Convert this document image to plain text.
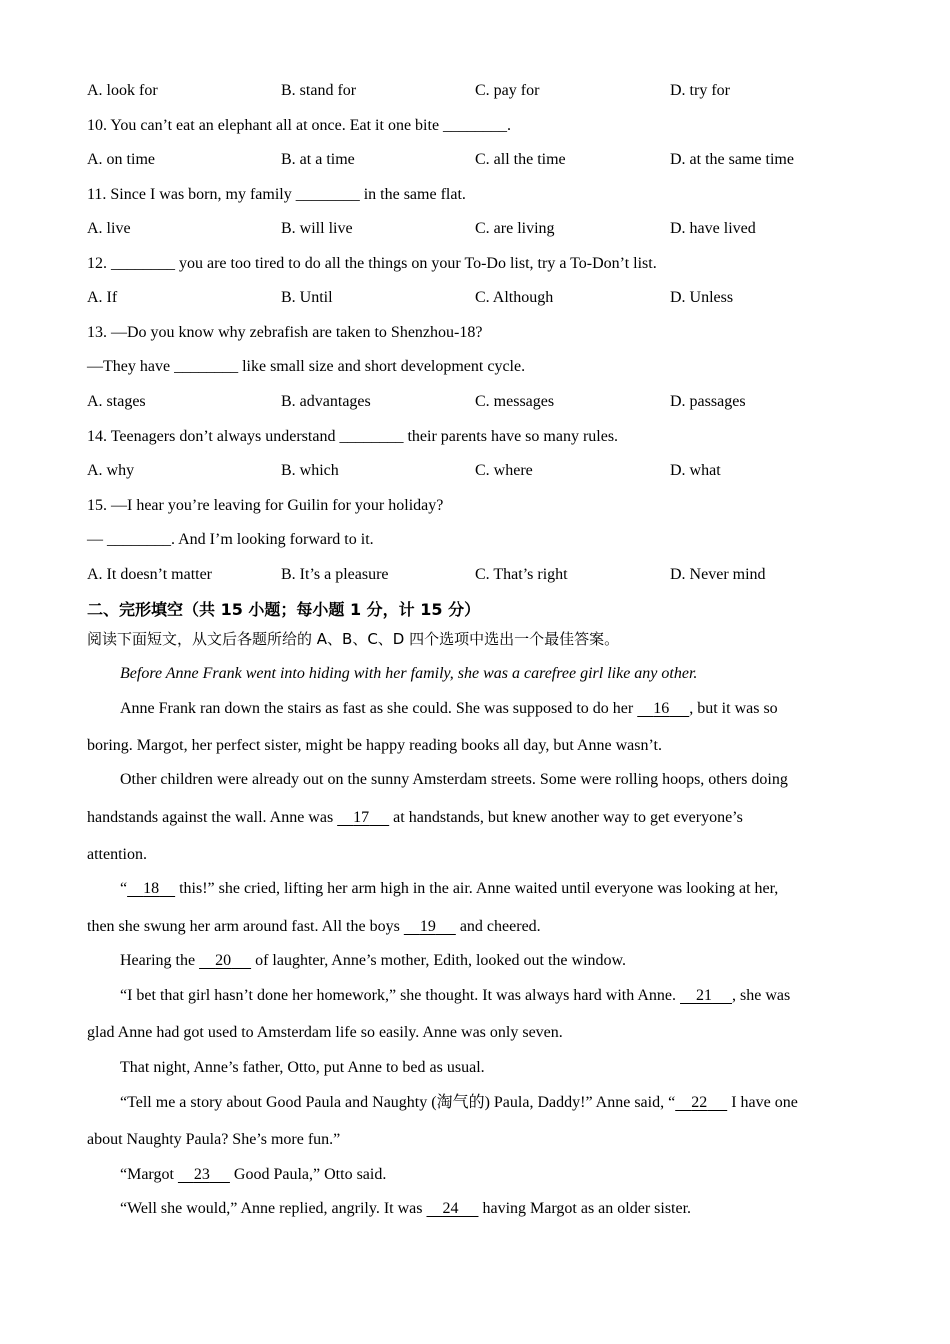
A. look for	B. stand for	C. pay for	D. try for
10. You can’t eat an elephant all at once. Eat it one bite ________.
A. on time	B. at a time	C. all the time	D. at the same time
11. Since I was born, my family ________ in the same flat.
A. live	B. will live	C. are living	D. have lived
12. ________ you are too tired to do all the things on your To-Do list, try a To-Don’t list.
A. If	B. Until	C. Although	D. Unless
13. —Do you know why zebrafish are taken to Shenzhou-18?
—They have ________ like small size and short development cycle.
A. stages	B. advantages	C. messages	D. passages
14. Teenagers don’t always understand ________ their parents have so many rules.
A. why	B. which	C. where	D. what
15. —I hear you’re leaving for Guilin for your holiday?
— ________. And I’m looking forward to it.
A. It doesn’t matter	B. It’s a pleasure	C. That’s right	D. Never mind
二、完形填空（共 15 小题；每小题 1 分，计 15 分）
阅读下面短文，从文后各题所给的 A、B、C、D 四个选项中选出一个最佳答案。
Before Anne Frank went into hiding with her family, she was a carefree girl like any other.
Anne Frank ran down the stairs as fast as she could. She was supposed to do her     16 , but it was so
boring. Margot, her perfect sister, might be happy reading books all day, but Anne wasn’t.
Other children were already out on the sunny Amsterdam streets. Some were rolling hoops, others doing
handstands against the wall. Anne was     17      at handstands, but knew another way to get everyone’s
attention.
“ 18     this!” she cried, lifting her arm high in the air. Anne waited until everyone was looking at her,
then she swung her arm around fast. All the boys     19      and cheered.
Hearing the     20      of laughter, Anne’s mother, Edith, looked out the window.
“I bet that girl hasn’t done her homework,” she thought. It was always hard with Anne.     21 , she was
glad Anne had got used to Amsterdam life so easily. Anne was only seven.
That night, Anne’s father, Otto, put Anne to bed as usual.
“Tell me a story about Good Paula and Naughty (淘气的) Paula, Daddy!” Anne said, “ 22      I have one
about Naughty Paula? She’s more fun.”
“Margot     23      Good Paula,” Otto said.
“Well she would,” Anne replied, angrily. It was     24      having Margot as an older sister.
